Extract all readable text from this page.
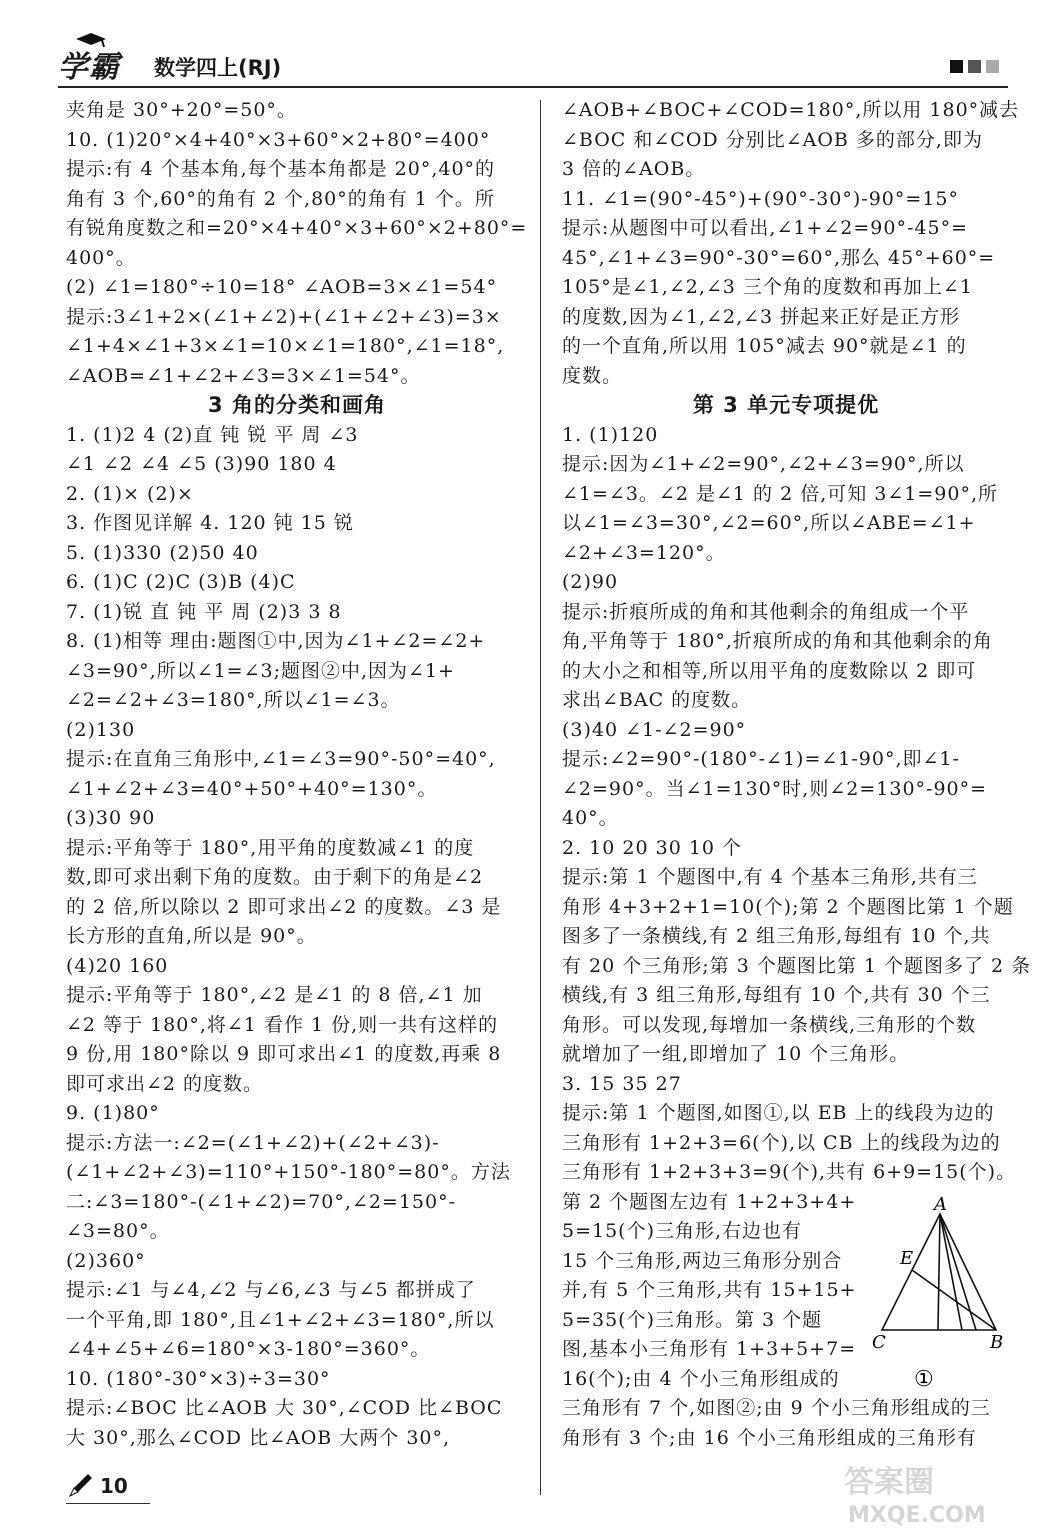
学霸 数学四上(RJ)
夹角是 30°+20°=50°。
10. (1)20°×4+40°×3+60°×2+80°=400°
提示:有 4 个基本角,每个基本角都是 20°,40°的
角有 3 个,60°的角有 2 个,80°的角有 1 个。所
有锐角度数之和=20°×4+40°×3+60°×2+80°=
400°。
(2) ∠1=180°÷10=18° ∠AOB=3×∠1=54°
提示:3∠1+2×(∠1+∠2)+(∠1+∠2+∠3)=3×
∠1+4×∠1+3×∠1=10×∠1=180°,∠1=18°,
∠AOB=∠1+∠2+∠3=3×∠1=54°。
3 角的分类和画角
1. (1)2 4 (2)直 钝 锐 平 周 ∠3
∠1 ∠2 ∠4 ∠5 (3)90 180 4
2. (1)× (2)×
3. 作图见详解 4. 120 钝 15 锐
5. (1)330 (2)50 40
6. (1)C (2)C (3)B (4)C
7. (1)锐 直 钝 平 周 (2)3 3 8
8. (1)相等 理由:题图①中,因为∠1+∠2=∠2+
∠3=90°,所以∠1=∠3;题图②中,因为∠1+
∠2=∠2+∠3=180°,所以∠1=∠3。
(2)130
提示:在直角三角形中,∠1=∠3=90°-50°=40°,
∠1+∠2+∠3=40°+50°+40°=130°。
(3)30 90
提示:平角等于 180°,用平角的度数减∠1 的度
数,即可求出剩下角的度数。由于剩下的角是∠2
的 2 倍,所以除以 2 即可求出∠2 的度数。∠3 是
长方形的直角,所以是 90°。
(4)20 160
提示:平角等于 180°,∠2 是∠1 的 8 倍,∠1 加
∠2 等于 180°,将∠1 看作 1 份,则一共有这样的
9 份,用 180°除以 9 即可求出∠1 的度数,再乘 8
即可求出∠2 的度数。
9. (1)80°
提示:方法一:∠2=(∠1+∠2)+(∠2+∠3)-
(∠1+∠2+∠3)=110°+150°-180°=80°。方法
二:∠3=180°-(∠1+∠2)=70°,∠2=150°-
∠3=80°。
(2)360°
提示:∠1 与∠4,∠2 与∠6,∠3 与∠5 都拼成了
一个平角,即 180°,且∠1+∠2+∠3=180°,所以
∠4+∠5+∠6=180°×3-180°=360°。
10. (180°-30°×3)÷3=30°
提示:∠BOC 比∠AOB 大 30°,∠COD 比∠BOC
大 30°,那么∠COD 比∠AOB 大两个 30°,
∠AOB+∠BOC+∠COD=180°,所以用 180°减去
∠BOC 和∠COD 分别比∠AOB 多的部分,即为
3 倍的∠AOB。
11. ∠1=(90°-45°)+(90°-30°)-90°=15°
提示:从题图中可以看出,∠1+∠2=90°-45°=
45°,∠1+∠3=90°-30°=60°,那么 45°+60°=
105°是∠1,∠2,∠3 三个角的度数和再加上∠1
的度数,因为∠1,∠2,∠3 拼起来正好是正方形
的一个直角,所以用 105°减去 90°就是∠1 的
度数。
第 3 单元专项提优
1. (1)120
提示:因为∠1+∠2=90°,∠2+∠3=90°,所以
∠1=∠3。∠2 是∠1 的 2 倍,可知 3∠1=90°,所
以∠1=∠3=30°,∠2=60°,所以∠ABE=∠1+
∠2+∠3=120°。
(2)90
提示:折痕所成的角和其他剩余的角组成一个平
角,平角等于 180°,折痕所成的角和其他剩余的角
的大小之和相等,所以用平角的度数除以 2 即可
求出∠BAC 的度数。
(3)40 ∠1-∠2=90°
提示:∠2=90°-(180°-∠1)=∠1-90°,即∠1-
∠2=90°。当∠1=130°时,则∠2=130°-90°=
40°。
2. 10 20 30 10 个
提示:第 1 个题图中,有 4 个基本三角形,共有三
角形 4+3+2+1=10(个);第 2 个题图比第 1 个题
图多了一条横线,有 2 组三角形,每组有 10 个,共
有 20 个三角形;第 3 个题图比第 1 个题图多了 2 条
横线,有 3 组三角形,每组有 10 个,共有 30 个三
角形。可以发现,每增加一条横线,三角形的个数
就增加了一组,即增加了 10 个三角形。
3. 15 35 27
提示:第 1 个题图,如图①,以 EB 上的线段为边的
三角形有 1+2+3=6(个),以 CB 上的线段为边的
三角形有 1+2+3+3=9(个),共有 6+9=15(个)。
第 2 个题图左边有 1+2+3+4+
5=15(个)三角形,右边也有
15 个三角形,两边三角形分别合
并,有 5 个三角形,共有 15+15+
5=35(个)三角形。第 3 个题
图,基本小三角形有 1+3+5+7=
16(个);由 4 个小三角形组成的
三角形有 7 个,如图②;由 9 个小三角形组成的三
角形有 3 个;由 16 个小三角形组成的三角形有
A
E
C	B
①
10	答案圈
MXQE.COM
